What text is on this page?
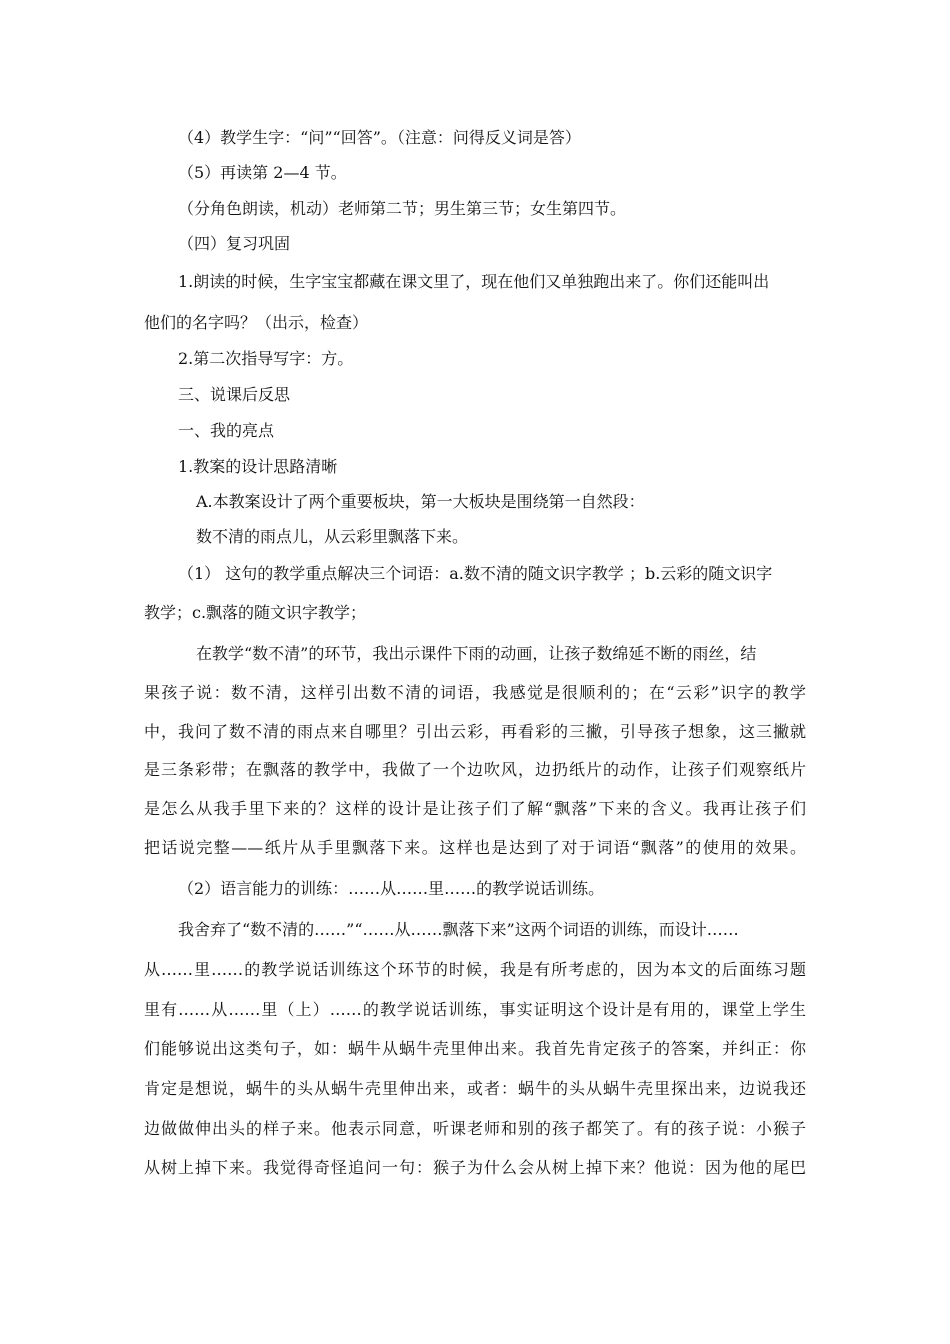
（4）教学生字：“问”“回答”。（注意：问得反义词是答）

（5）再读第 2—4 节。

（分角色朗读，机动）老师第二节；男生第三节；女生第四节。

（四）复习巩固

1.朗读的时候，生字宝宝都藏在课文里了，现在他们又单独跑出来了。你们还能叫出

他们的名字吗？（出示，检查）

2.第二次指导写字：方。

三、说课后反思

一、我的亮点

1.教案的设计思路清晰

A.本教案设计了两个重要板块，第一大板块是围绕第一自然段：

数不清的雨点儿，从云彩里飘落下来。

（1） 这句的教学重点解决三个词语：a.数不清的随文识字教学 ；b.云彩的随文识字

教学；c.飘落的随文识字教学；

在教学“数不清”的环节，我出示课件下雨的动画，让孩子数绵延不断的雨丝，结

果孩子说：数不清，这样引出数不清的词语，我感觉是很顺利的；在“云彩”识字的教学

中，我问了数不清的雨点来自哪里？引出云彩，再看彩的三撇，引导孩子想象，这三撇就

是三条彩带；在飘落的教学中，我做了一个边吹风，边扔纸片的动作，让孩子们观察纸片

是怎么从我手里下来的？这样的设计是让孩子们了解“飘落”下来的含义。我再让孩子们

把话说完整——纸片从手里飘落下来。这样也是达到了对于词语“飘落”的使用的效果。

（2）语言能力的训练：……从……里……的教学说话训练。

我舍弃了“数不清的……”“……从……飘落下来”这两个词语的训练，而设计……

从……里……的教学说话训练这个环节的时候，我是有所考虑的，因为本文的后面练习题

里有……从……里（上）……的教学说话训练，事实证明这个设计是有用的，课堂上学生

们能够说出这类句子，如：蜗牛从蜗牛壳里伸出来。我首先肯定孩子的答案，并纠正：你

肯定是想说，蜗牛的头从蜗牛壳里伸出来，或者：蜗牛的头从蜗牛壳里探出来，边说我还

边做做伸出头的样子来。他表示同意，听课老师和别的孩子都笑了。有的孩子说：小猴子

从树上掉下来。我觉得奇怪追问一句：猴子为什么会从树上掉下来？他说：因为他的尾巴
